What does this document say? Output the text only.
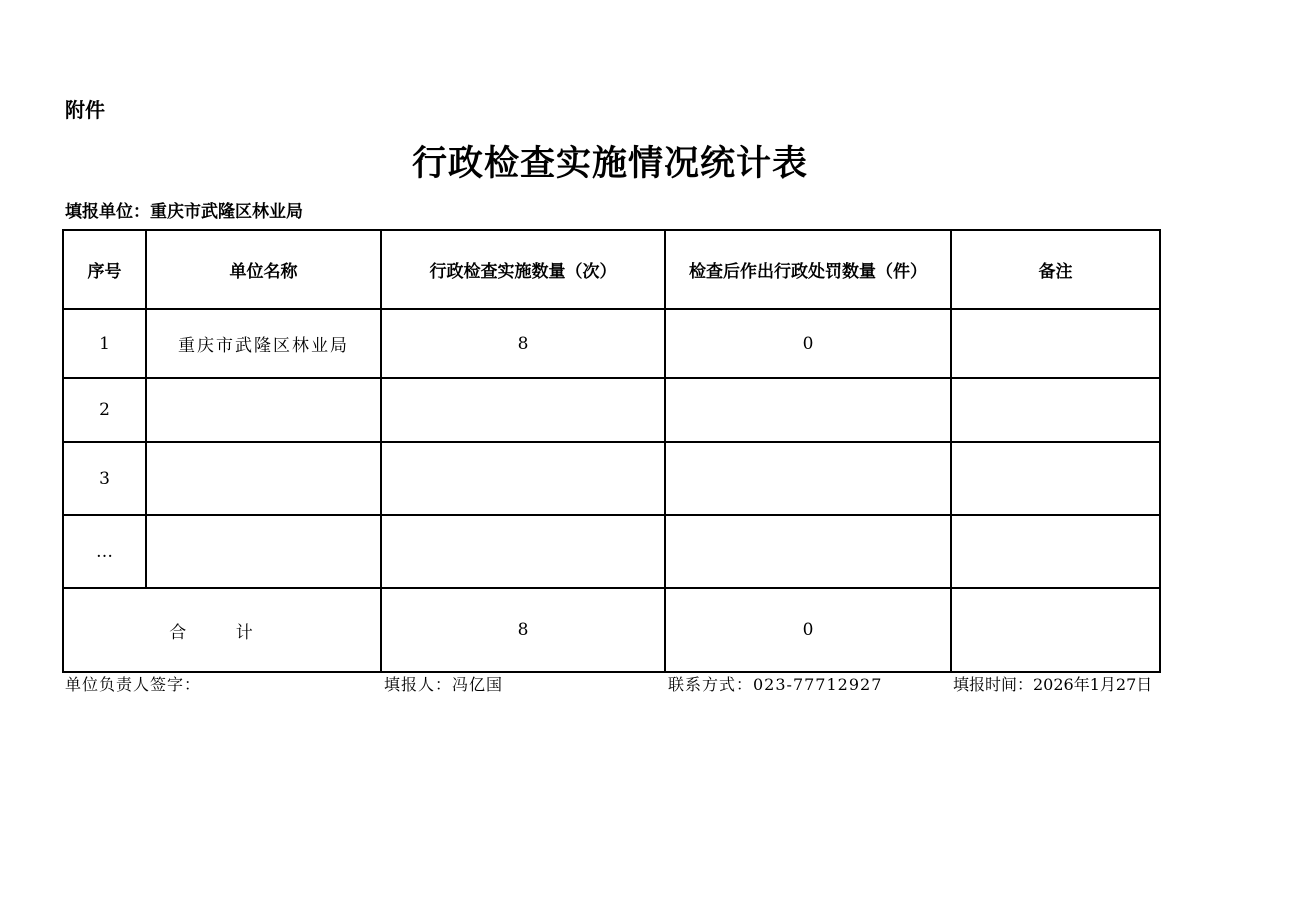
附件
行政检查实施情况统计表
填报单位：重庆市武隆区林业局
序号	单位名称	行政检查实施数量（次）	检查后作出行政处罚数量（件）	备注
1	重庆市武隆区林业局	8	0	
2				
3				
…				
合 计		8	0	
单位负责人签字：	填报人：冯亿国	联系方式：023-77712927	填报时间：2026年1月27日
